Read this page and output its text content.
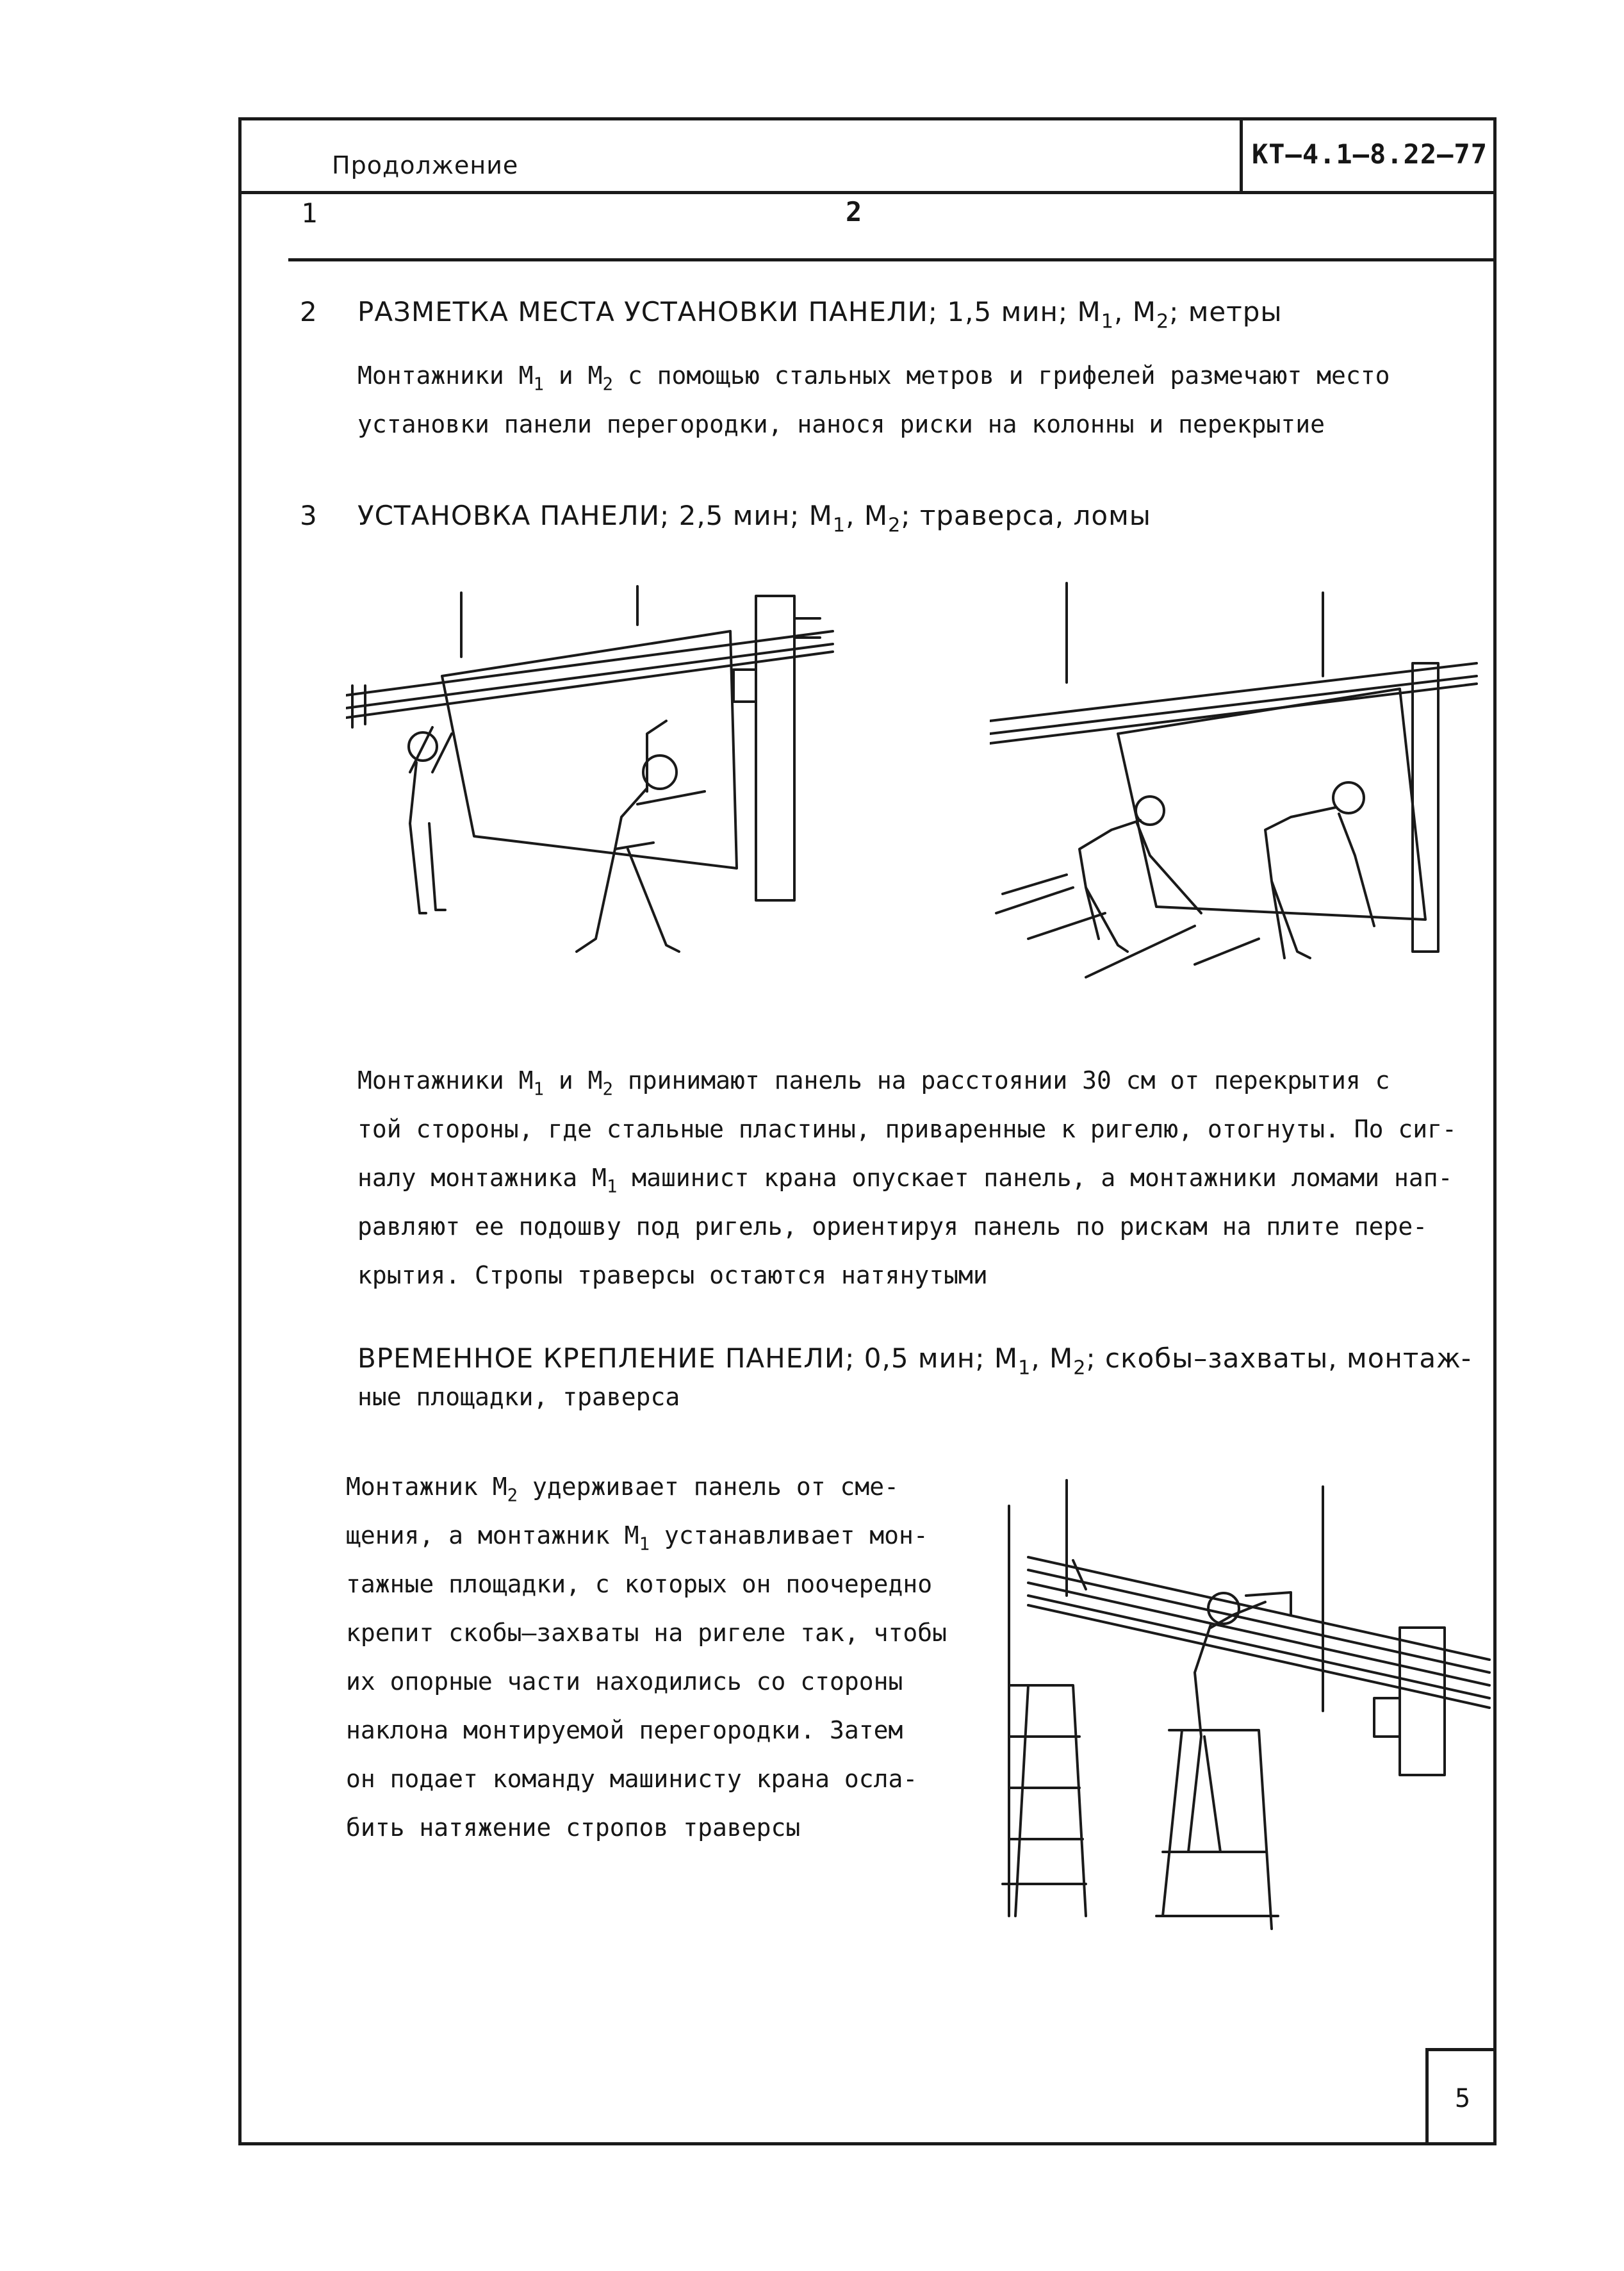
Продолжение	КТ–4.1–8.22–77
1	2
2 РАЗМЕТКА МЕСТА УСТАНОВКИ ПАНЕЛИ; 1,5 мин; $М_1$, $М_2$; метры
Монтажники $М_1$ и $М_2$ с помощью стальных метров и грифелей размечают место
установки панели перегородки, нанося риски на колонны и перекрытие
3 УСТАНОВКА ПАНЕЛИ; 2,5 мин; $М_1$, $М_2$; траверса, ломы
Монтажники $М_1$ и $М_2$ принимают панель на расстоянии 30 см от перекрытия с
той стороны, где стальные пластины, приваренные к ригелю, отогнуты. По сиг-
налу монтажника $М_1$ машинист крана опускает панель, а монтажники ломами нап-
равляют ее подошву под ригель, ориентируя панель по рискам на плите пере-
крытия. Стропы траверсы остаются натянутыми
ВРЕМЕННОЕ КРЕПЛЕНИЕ ПАНЕЛИ; 0,5 мин; $М_1$, $М_2$; скобы–захваты, монтаж-
ные площадки, траверса
Монтажник $М_2$ удерживает панель от сме-
щения, а монтажник $М_1$ устанавливает мон-
тажные площадки, с которых он поочередно
крепит скобы–захваты на ригеле так, чтобы
их опорные части находились со стороны
наклона монтируемой перегородки. Затем
он подает команду машинисту крана ослa-
бить натяжение стропов траверсы
5
